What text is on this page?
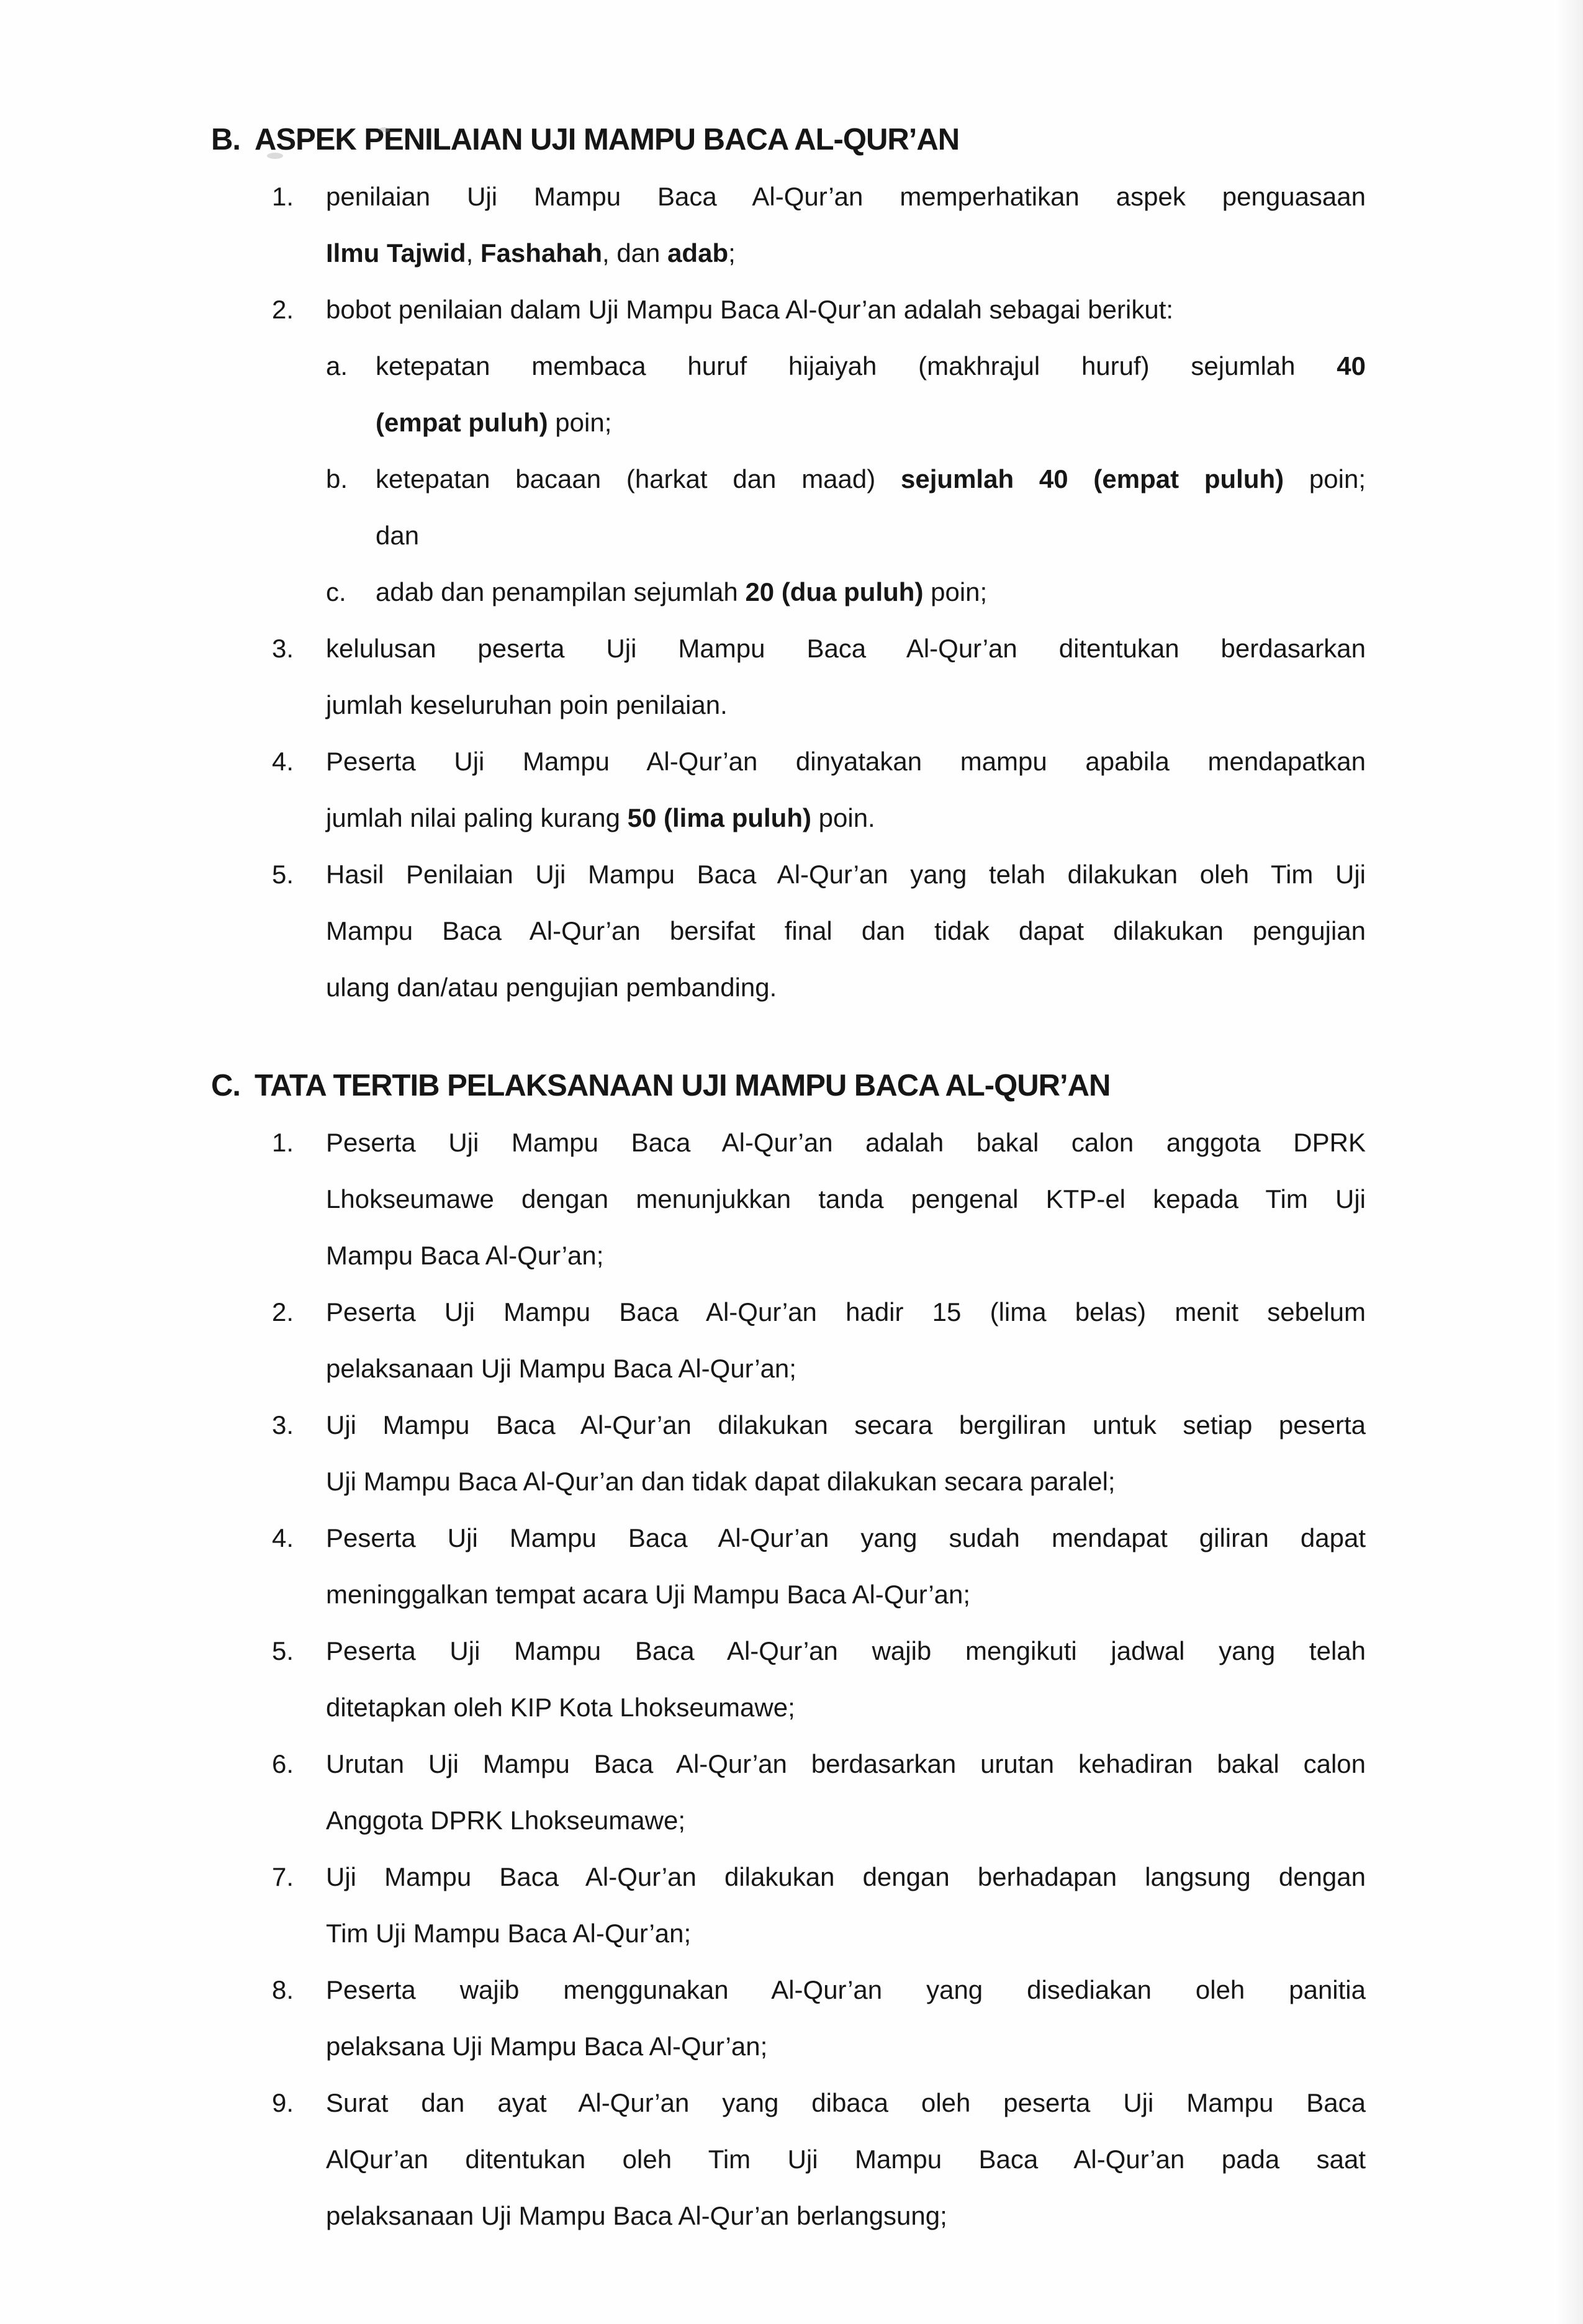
B. ASPEK PENILAIAN UJI MAMPU BACA AL-QUR’AN
1.	penilaian Uji Mampu Baca Al-Qur’an memperhatikan aspek penguasaan
Ilmu Tajwid, Fashahah, dan adab;
2.	bobot penilaian dalam Uji Mampu Baca Al-Qur’an adalah sebagai berikut:
a.	ketepatan membaca huruf hijaiyah (makhrajul huruf) sejumlah 40
(empat puluh) poin;
b.	ketepatan bacaan (harkat dan maad) sejumlah 40 (empat puluh) poin;
dan
c.	adab dan penampilan sejumlah 20 (dua puluh) poin;
3.	kelulusan peserta Uji Mampu Baca Al-Qur’an ditentukan berdasarkan
jumlah keseluruhan poin penilaian.
4.	Peserta Uji Mampu Al-Qur’an dinyatakan mampu apabila mendapatkan
jumlah nilai paling kurang 50 (lima puluh) poin.
5.	Hasil Penilaian Uji Mampu Baca Al-Qur’an yang telah dilakukan oleh Tim Uji
Mampu Baca Al-Qur’an bersifat final dan tidak dapat dilakukan pengujian
ulang dan/atau pengujian pembanding.
C. TATA TERTIB PELAKSANAAN UJI MAMPU BACA AL-QUR’AN
1.	Peserta Uji Mampu Baca Al-Qur’an adalah bakal calon anggota DPRK
Lhokseumawe dengan menunjukkan tanda pengenal KTP-el kepada Tim Uji
Mampu Baca Al-Qur’an;
2.	Peserta Uji Mampu Baca Al-Qur’an hadir 15 (lima belas) menit sebelum
pelaksanaan Uji Mampu Baca Al-Qur’an;
3.	Uji Mampu Baca Al-Qur’an dilakukan secara bergiliran untuk setiap peserta
Uji Mampu Baca Al-Qur’an dan tidak dapat dilakukan secara paralel;
4.	Peserta Uji Mampu Baca Al-Qur’an yang sudah mendapat giliran dapat
meninggalkan tempat acara Uji Mampu Baca Al-Qur’an;
5.	Peserta Uji Mampu Baca Al-Qur’an wajib mengikuti jadwal yang telah
ditetapkan oleh KIP Kota Lhokseumawe;
6.	Urutan Uji Mampu Baca Al-Qur’an berdasarkan urutan kehadiran bakal calon
Anggota DPRK Lhokseumawe;
7.	Uji Mampu Baca Al-Qur’an dilakukan dengan berhadapan langsung dengan
Tim Uji Mampu Baca Al-Qur’an;
8.	Peserta wajib menggunakan Al-Qur’an yang disediakan oleh panitia
pelaksana Uji Mampu Baca Al-Qur’an;
9.	Surat dan ayat Al-Qur’an yang dibaca oleh peserta Uji Mampu Baca
AlQur’an ditentukan oleh Tim Uji Mampu Baca Al-Qur’an pada saat
pelaksanaan Uji Mampu Baca Al-Qur’an berlangsung;
